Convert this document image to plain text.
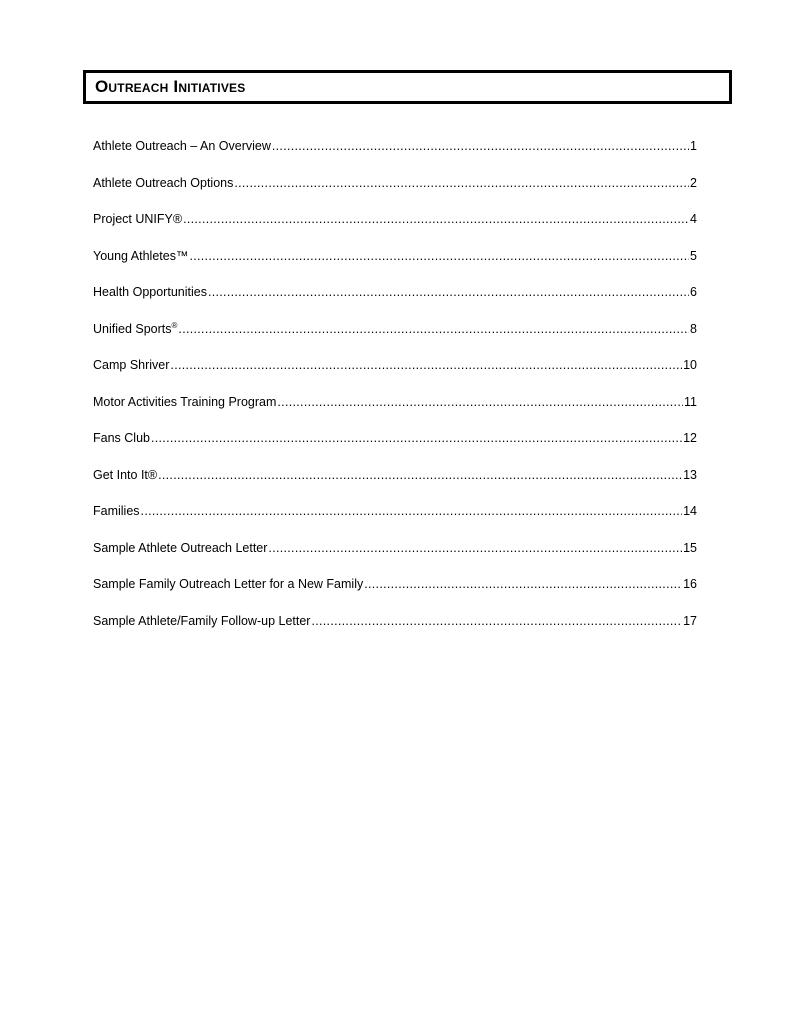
Outreach Initiatives
Athlete Outreach – An Overview .....	1
Athlete Outreach Options .....	2
Project UNIFY® .....	4
Young Athletes™ .....	5
Health Opportunities .....	6
Unified Sports® .....	8
Camp Shriver .....	10
Motor Activities Training Program .....	11
Fans Club .....	12
Get Into It® .....	13
Families .....	14
Sample Athlete Outreach Letter .....	15
Sample Family Outreach Letter for a New Family .....	16
Sample Athlete/Family Follow-up Letter .....	17
